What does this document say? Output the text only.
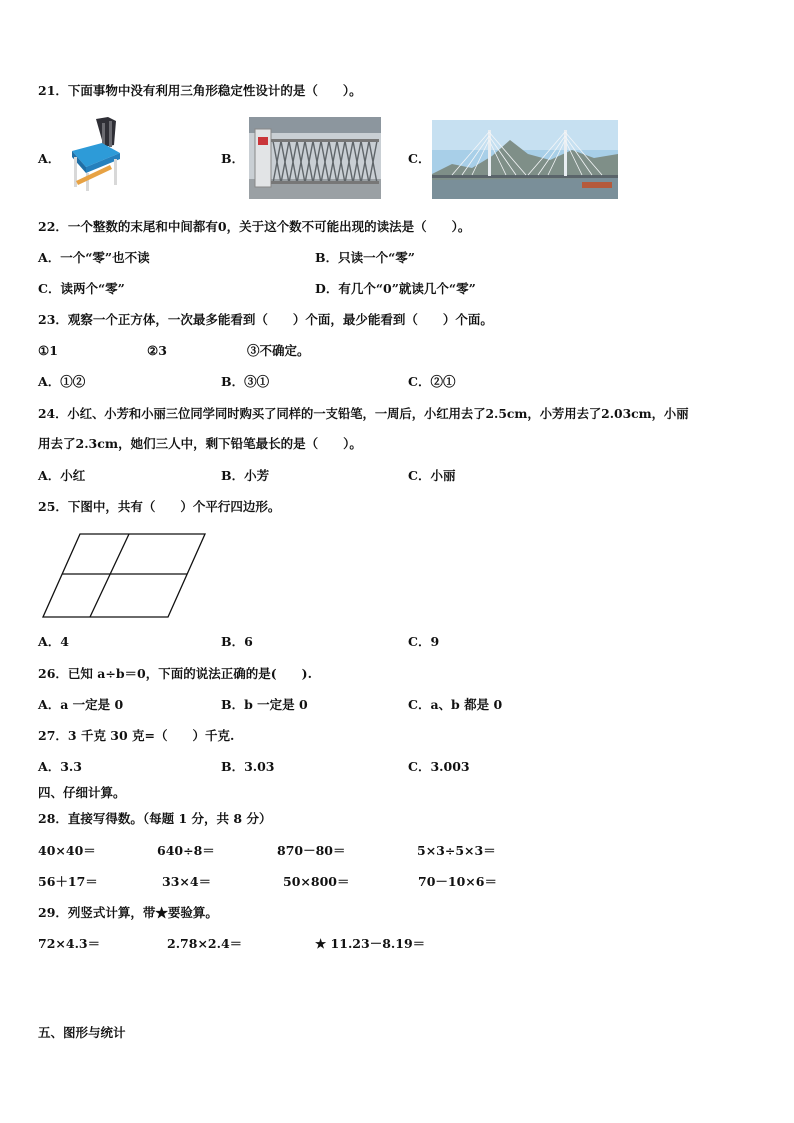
21．下面事物中没有利用三角形稳定性设计的是（　　）。
A．	B．	C．
22．一个整数的末尾和中间都有0，关于这个数不可能出现的读法是（　　）。
A．一个“零”也不读	B．只读一个“零”
C．读两个“零”	D．有几个“0”就读几个“零”
23．观察一个正方体，一次最多能看到（　　）个面，最少能看到（　　）个面。
①1	②3	③不确定。
A．①②	B．③①	C．②①
24．小红、小芳和小丽三位同学同时购买了同样的一支铅笔，一周后，小红用去了2.5cm，小芳用去了2.03cm，小丽
用去了2.3cm，她们三人中，剩下铅笔最长的是（　　）。
A．小红	B．小芳	C．小丽
25．下图中，共有（　　）个平行四边形。
A．4	B．6	C．9
26．已知 a÷b＝0，下面的说法正确的是(　　).
A．a 一定是 0	B．b 一定是 0	C．a、b 都是 0
27．3 千克 30 克=（　　）千克.
A．3.3	B．3.03	C．3.003
四、仔细计算。
28．直接写得数。（每题 1 分，共 8 分）
40×40＝	640÷8＝	870－80＝	5×3÷5×3＝
56＋17＝	33×4＝	50×800＝	70－10×6＝
29．列竖式计算，带★要验算。
72×4.3＝	2.78×2.4＝	★ 11.23－8.19＝
五、图形与统计
